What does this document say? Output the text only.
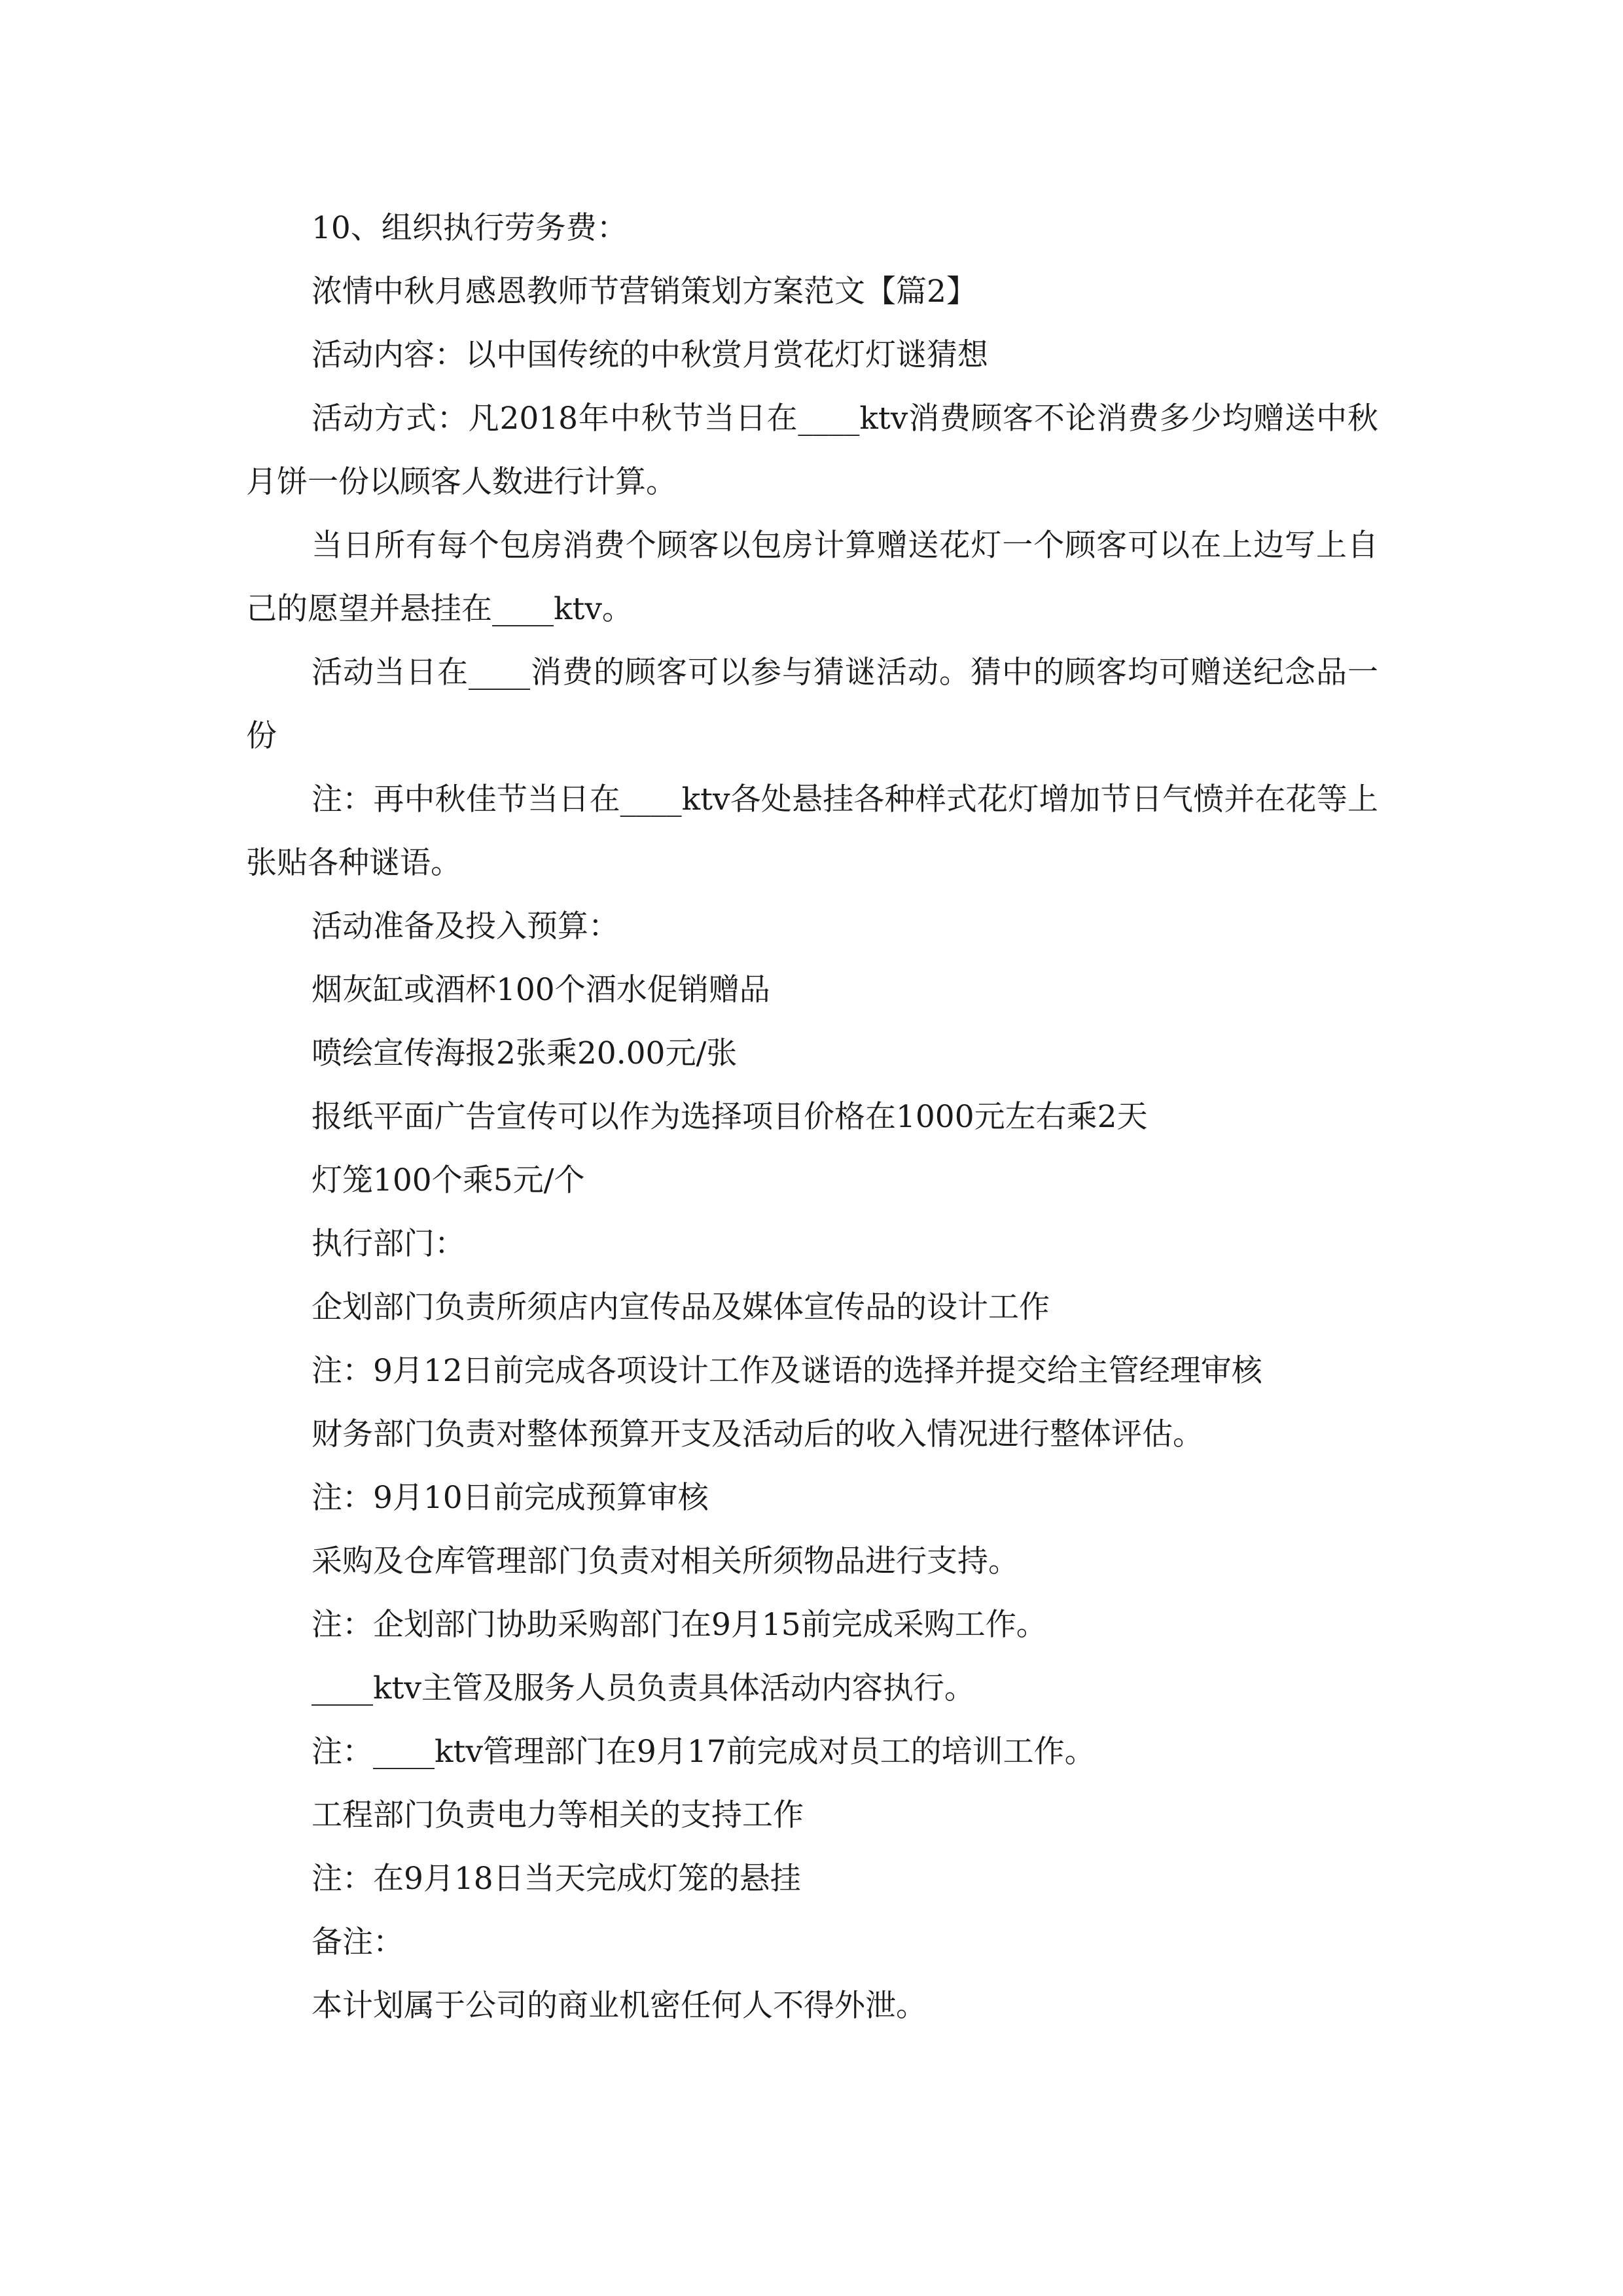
10、组织执行劳务费：

浓情中秋月感恩教师节营销策划方案范文【篇2】

活动内容：以中国传统的中秋赏月赏花灯灯谜猜想

活动方式：凡2018年中秋节当日在____ktv消费顾客不论消费多少均赠送中秋月饼一份以顾客人数进行计算。

当日所有每个包房消费个顾客以包房计算赠送花灯一个顾客可以在上边写上自己的愿望并悬挂在____ktv。

活动当日在____消费的顾客可以参与猜谜活动。猜中的顾客均可赠送纪念品一份

注：再中秋佳节当日在____ktv各处悬挂各种样式花灯增加节日气愤并在花等上张贴各种谜语。

活动准备及投入预算：

烟灰缸或酒杯100个酒水促销赠品

喷绘宣传海报2张乘20.00元/张

报纸平面广告宣传可以作为选择项目价格在1000元左右乘2天

灯笼100个乘5元/个

执行部门：

企划部门负责所须店内宣传品及媒体宣传品的设计工作

注：9月12日前完成各项设计工作及谜语的选择并提交给主管经理审核

财务部门负责对整体预算开支及活动后的收入情况进行整体评估。

注：9月10日前完成预算审核

采购及仓库管理部门负责对相关所须物品进行支持。

注：企划部门协助采购部门在9月15前完成采购工作。

____ktv主管及服务人员负责具体活动内容执行。

注：____ktv管理部门在9月17前完成对员工的培训工作。

工程部门负责电力等相关的支持工作

注：在9月18日当天完成灯笼的悬挂

备注：

本计划属于公司的商业机密任何人不得外泄。
